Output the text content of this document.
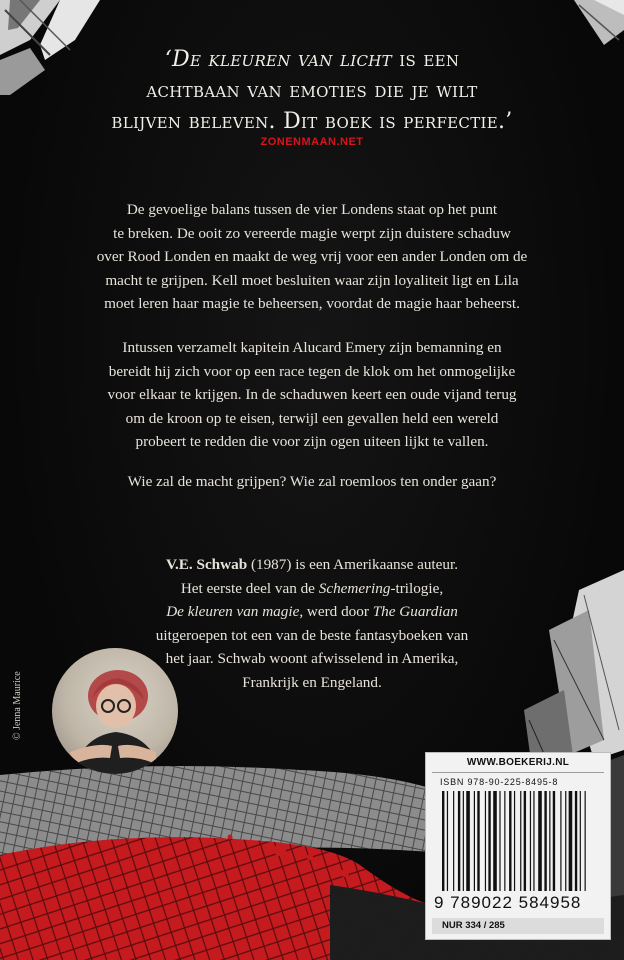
‘De kleuren van licht is een
achtbaan van emoties die je wilt
blijven beleven. Dit boek is perfectie.’
ZONENMAAN.NET
De gevoelige balans tussen de vier Londens staat op het punt
te breken. De ooit zo vereerde magie werpt zijn duistere schaduw
over Rood Londen en maakt de weg vrij voor een ander Londen om de
macht te grijpen. Kell moet besluiten waar zijn loyaliteit ligt en Lila
moet leren haar magie te beheersen, voordat de magie haar beheerst.
Intussen verzamelt kapitein Alucard Emery zijn bemanning en
bereidt hij zich voor op een race tegen de klok om het onmogelijke
voor elkaar te krijgen. In de schaduwen keert een oude vijand terug
om de kroon op te eisen, terwijl een gevallen held een wereld
probeert te redden die voor zijn ogen uiteen lijkt te vallen.
Wie zal de macht grijpen? Wie zal roemloos ten onder gaan?
V.E. Schwab (1987) is een Amerikaanse auteur.
Het eerste deel van de Schemering-trilogie,
De kleuren van magie, werd door The Guardian
uitgeroepen tot een van de beste fantasyboeken van
het jaar. Schwab woont afwisselend in Amerika,
Frankrijk en Engeland.
© Jenna Maurice
WWW.BOEKERIJ.NL
ISBN 978-90-225-8495-8
9 789022 584958
NUR 334 / 285
